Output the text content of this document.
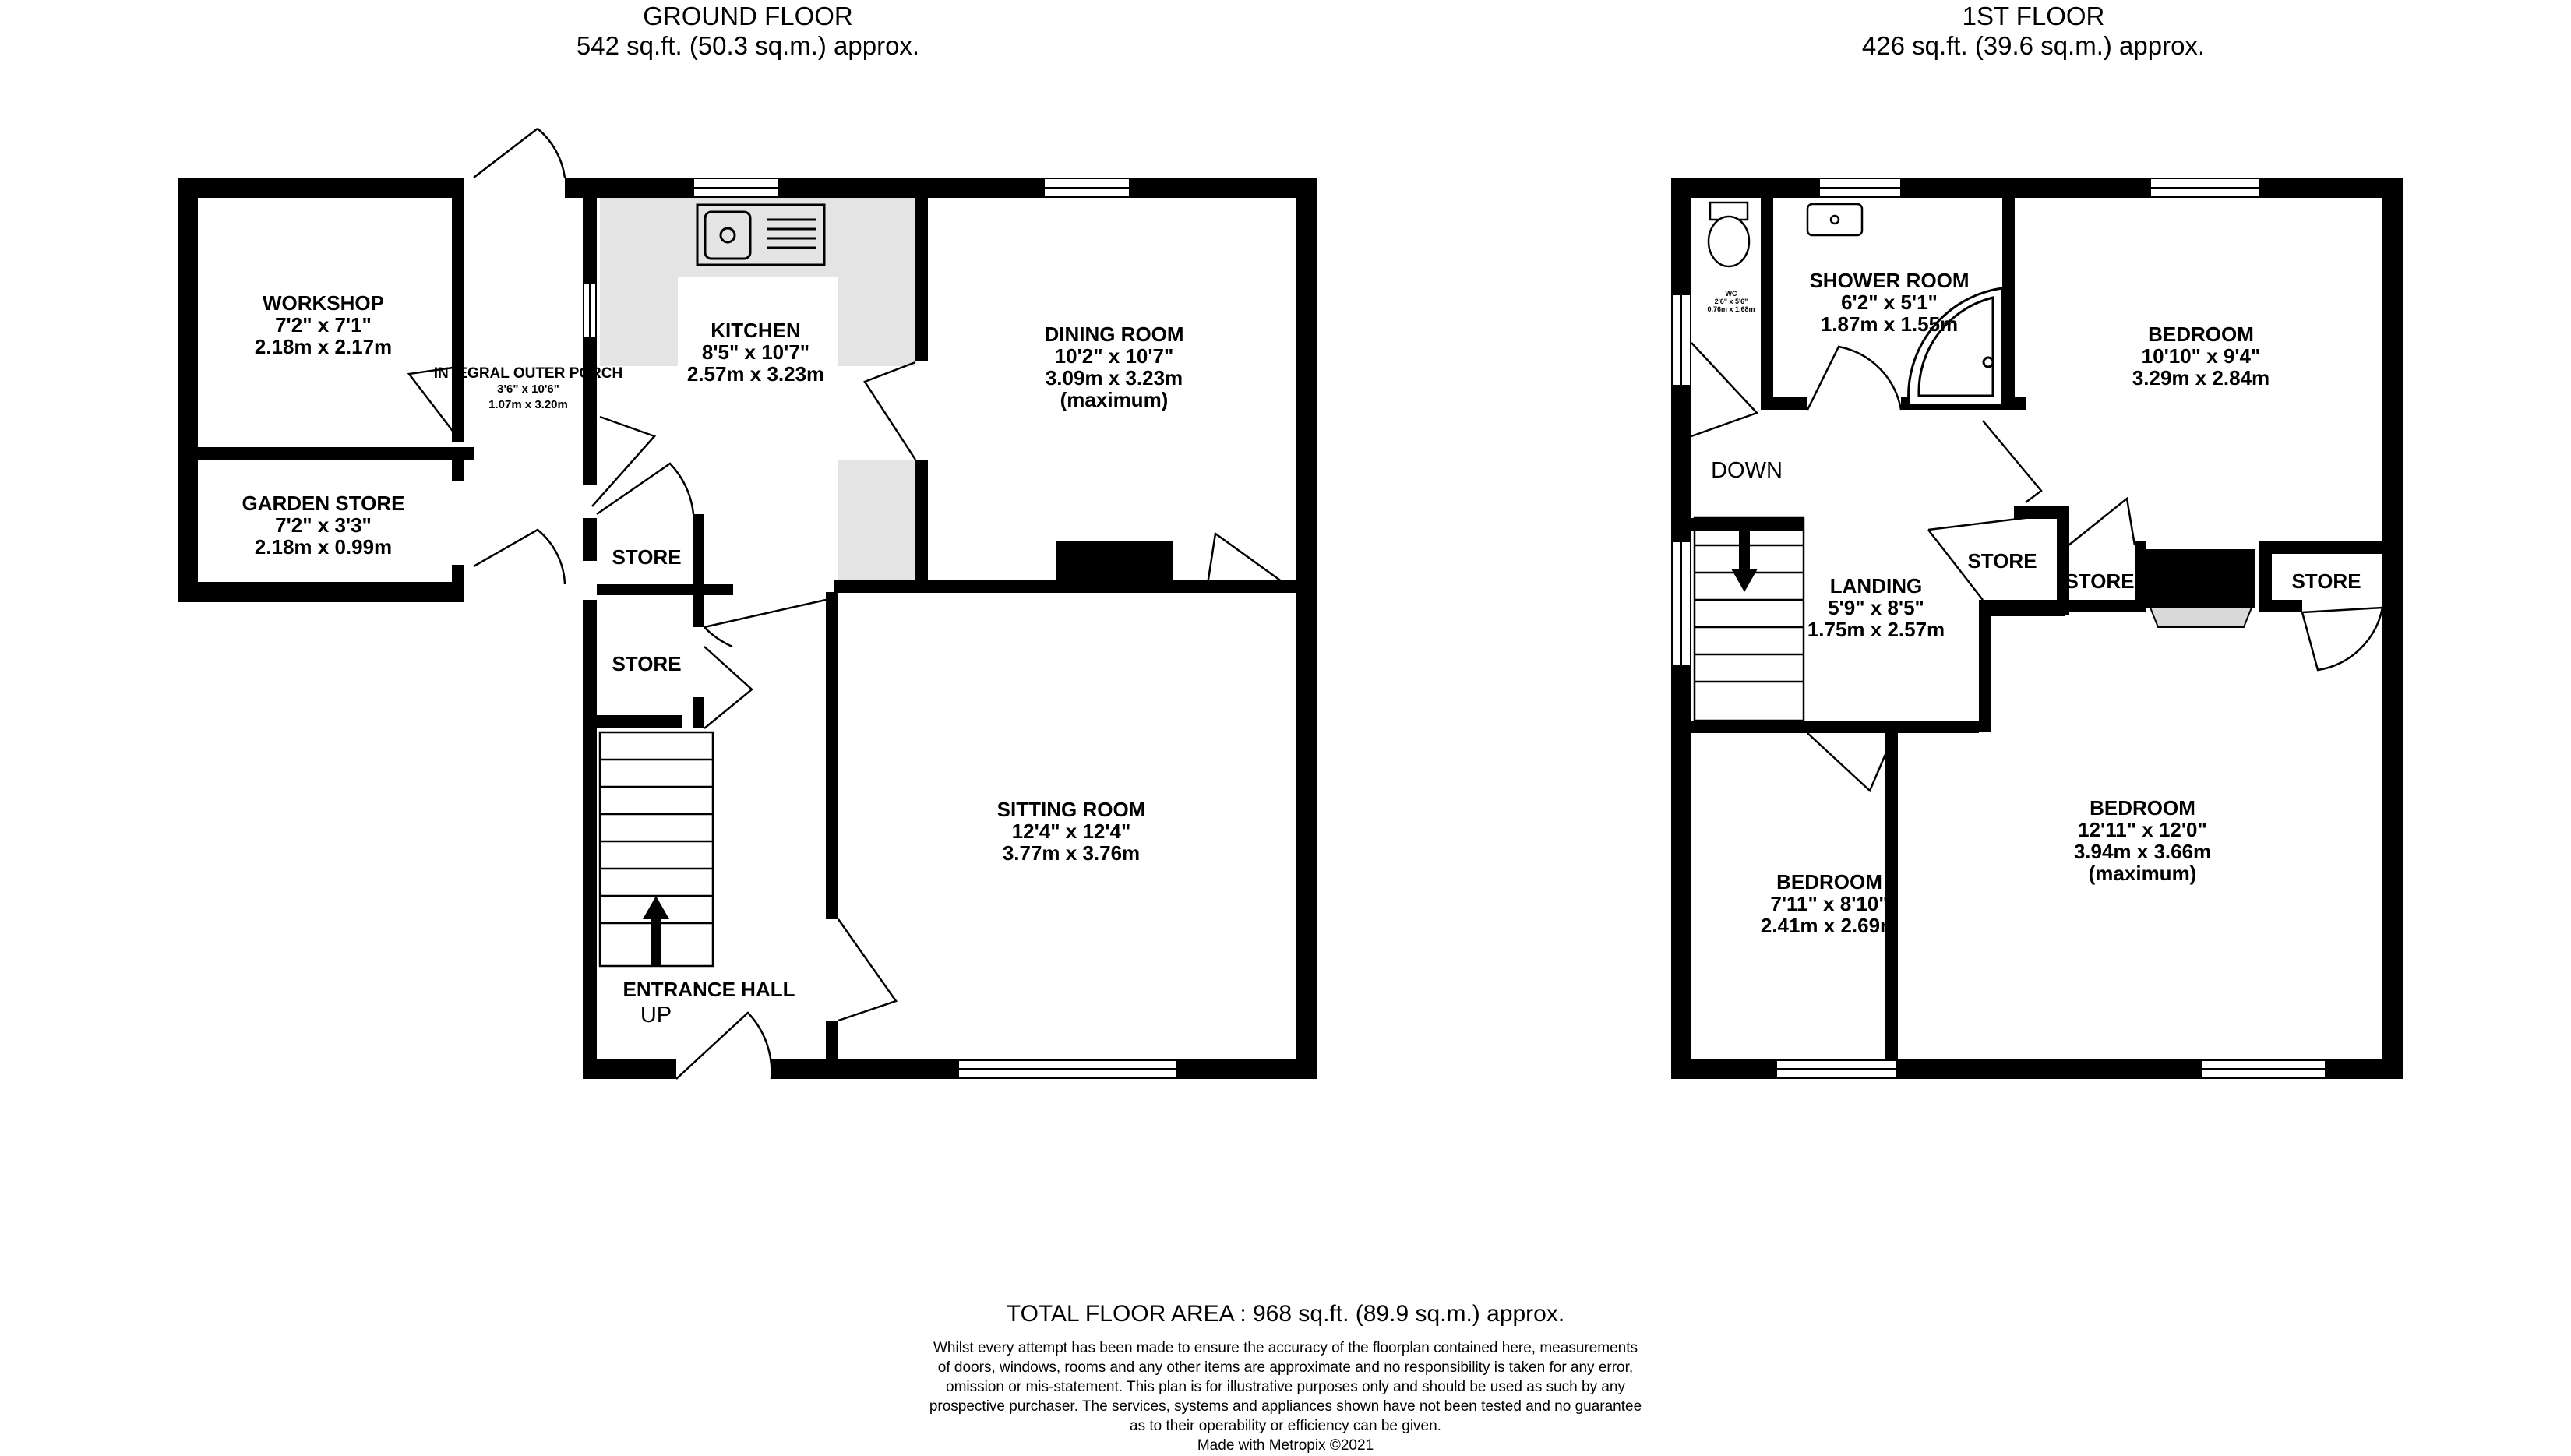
GROUND FLOOR
542 sq.ft. (50.3 sq.m.) approx.
1ST FLOOR
426 sq.ft. (39.6 sq.m.) approx.
WORKSHOP
7'2" x 7'1"
2.18m x 2.17m
INTEGRAL OUTER PORCH
3'6" x 10'6"
1.07m x 3.20m
KITCHEN
8'5" x 10'7"
2.57m x 3.23m
DINING ROOM
10'2" x 10'7"
3.09m x 3.23m
(maximum)
GARDEN STORE
7'2" x 3'3"
2.18m x 0.99m	STORE
STORE
SITTING ROOM
12'4" x 12'4"
3.77m x 3.76m
ENTRANCE HALL
UP
WC
2'6" x 5'6"
0.76m x 1.68m
SHOWER ROOM
6'2" x 5'1"
1.87m x 1.55m	BEDROOM
10'10" x 9'4"
3.29m x 2.84m
DOWN
LANDING
5'9" x 8'5"
1.75m x 2.57m
STORE
STORE	STORE
BEDROOM
7'11" x 8'10"
2.41m x 2.69m
BEDROOM
12'11" x 12'0"
3.94m x 3.66m
(maximum)
TOTAL FLOOR AREA : 968 sq.ft. (89.9 sq.m.) approx.
Whilst every attempt has been made to ensure the accuracy of the floorplan contained here, measurements
of doors, windows, rooms and any other items are approximate and no responsibility is taken for any error,
omission or mis-statement. This plan is for illustrative purposes only and should be used as such by any
prospective purchaser. The services, systems and appliances shown have not been tested and no guarantee
as to their operability or efficiency can be given.
Made with Metropix ©2021
